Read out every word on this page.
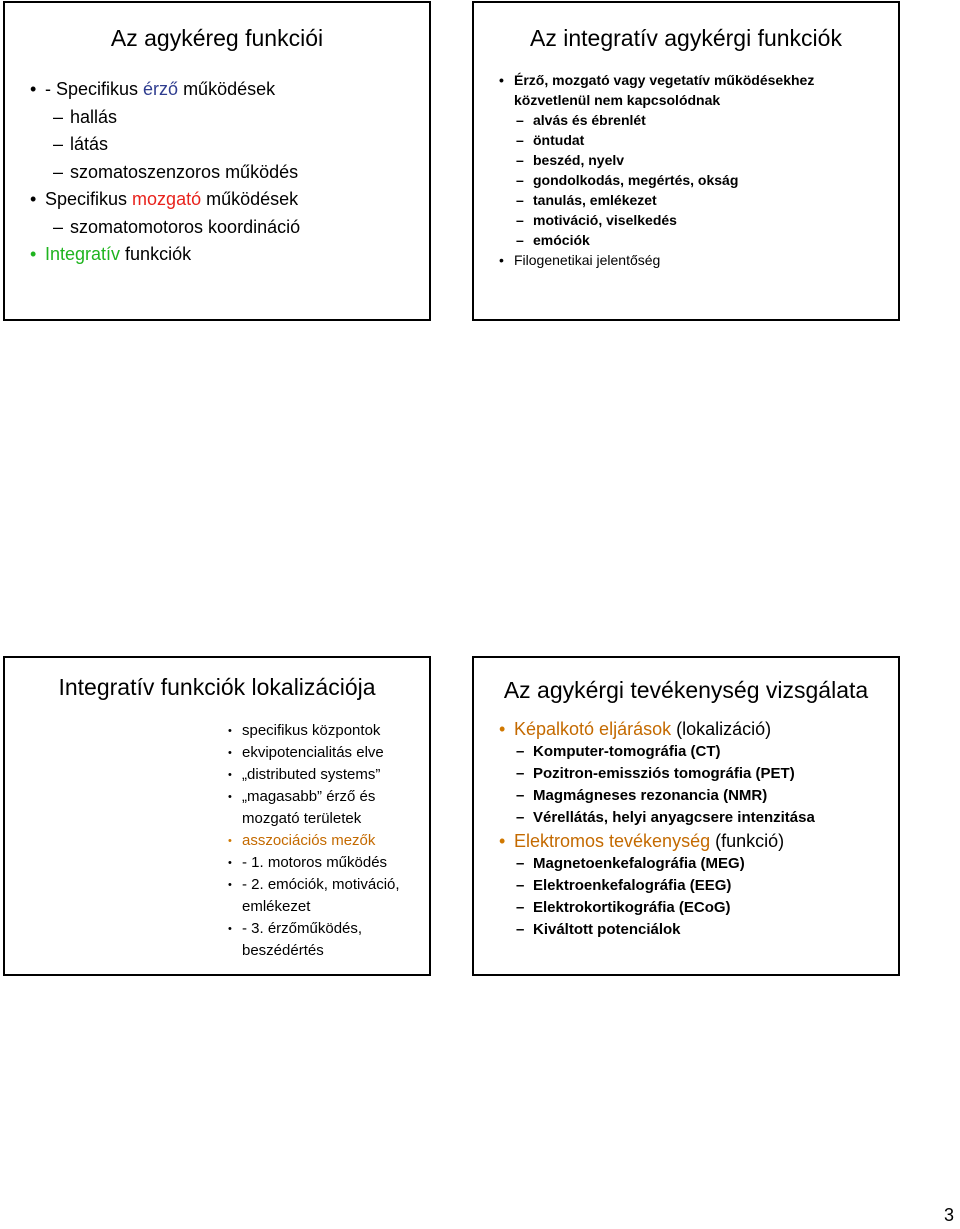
Az agykéreg funkciói
• - Specifikus érző működések
– hallás
– látás
– szomatoszenzoros működés
• Specifikus mozgató működések
– szomatomotoros koordináció
• Integratív funkciók
Az integratív agykérgi funkciók
• Érző, mozgató vagy vegetatív működésekhez
közvetlenül nem kapcsolódnak
– alvás és ébrenlét
– öntudat
– beszéd, nyelv
– gondolkodás, megértés, okság
– tanulás, emlékezet
– motiváció, viselkedés
– emóciók
• Filogenetikai jelentőség
Integratív funkciók lokalizációja
• specifikus központok
• ekvipotencialitás elve
• „distributed systems”
• „magasabb” érző és mozgató területek
• asszociációs mezők
• - 1. motoros működés
• - 2. emóciók, motiváció, emlékezet
• - 3. érzőműködés, beszédértés
Az agykérgi tevékenység vizsgálata
• Képalkotó eljárások (lokalizáció)
– Komputer-tomográfia (CT)
– Pozitron-emissziós tomográfia (PET)
– Magmágneses rezonancia (NMR)
– Vérellátás, helyi anyagcsere intenzitása
• Elektromos tevékenység (funkció)
– Magnetoenkefalográfia (MEG)
– Elektroenkefalográfia (EEG)
– Elektrokortikográfia (ECoG)
– Kiváltott potenciálok
3
